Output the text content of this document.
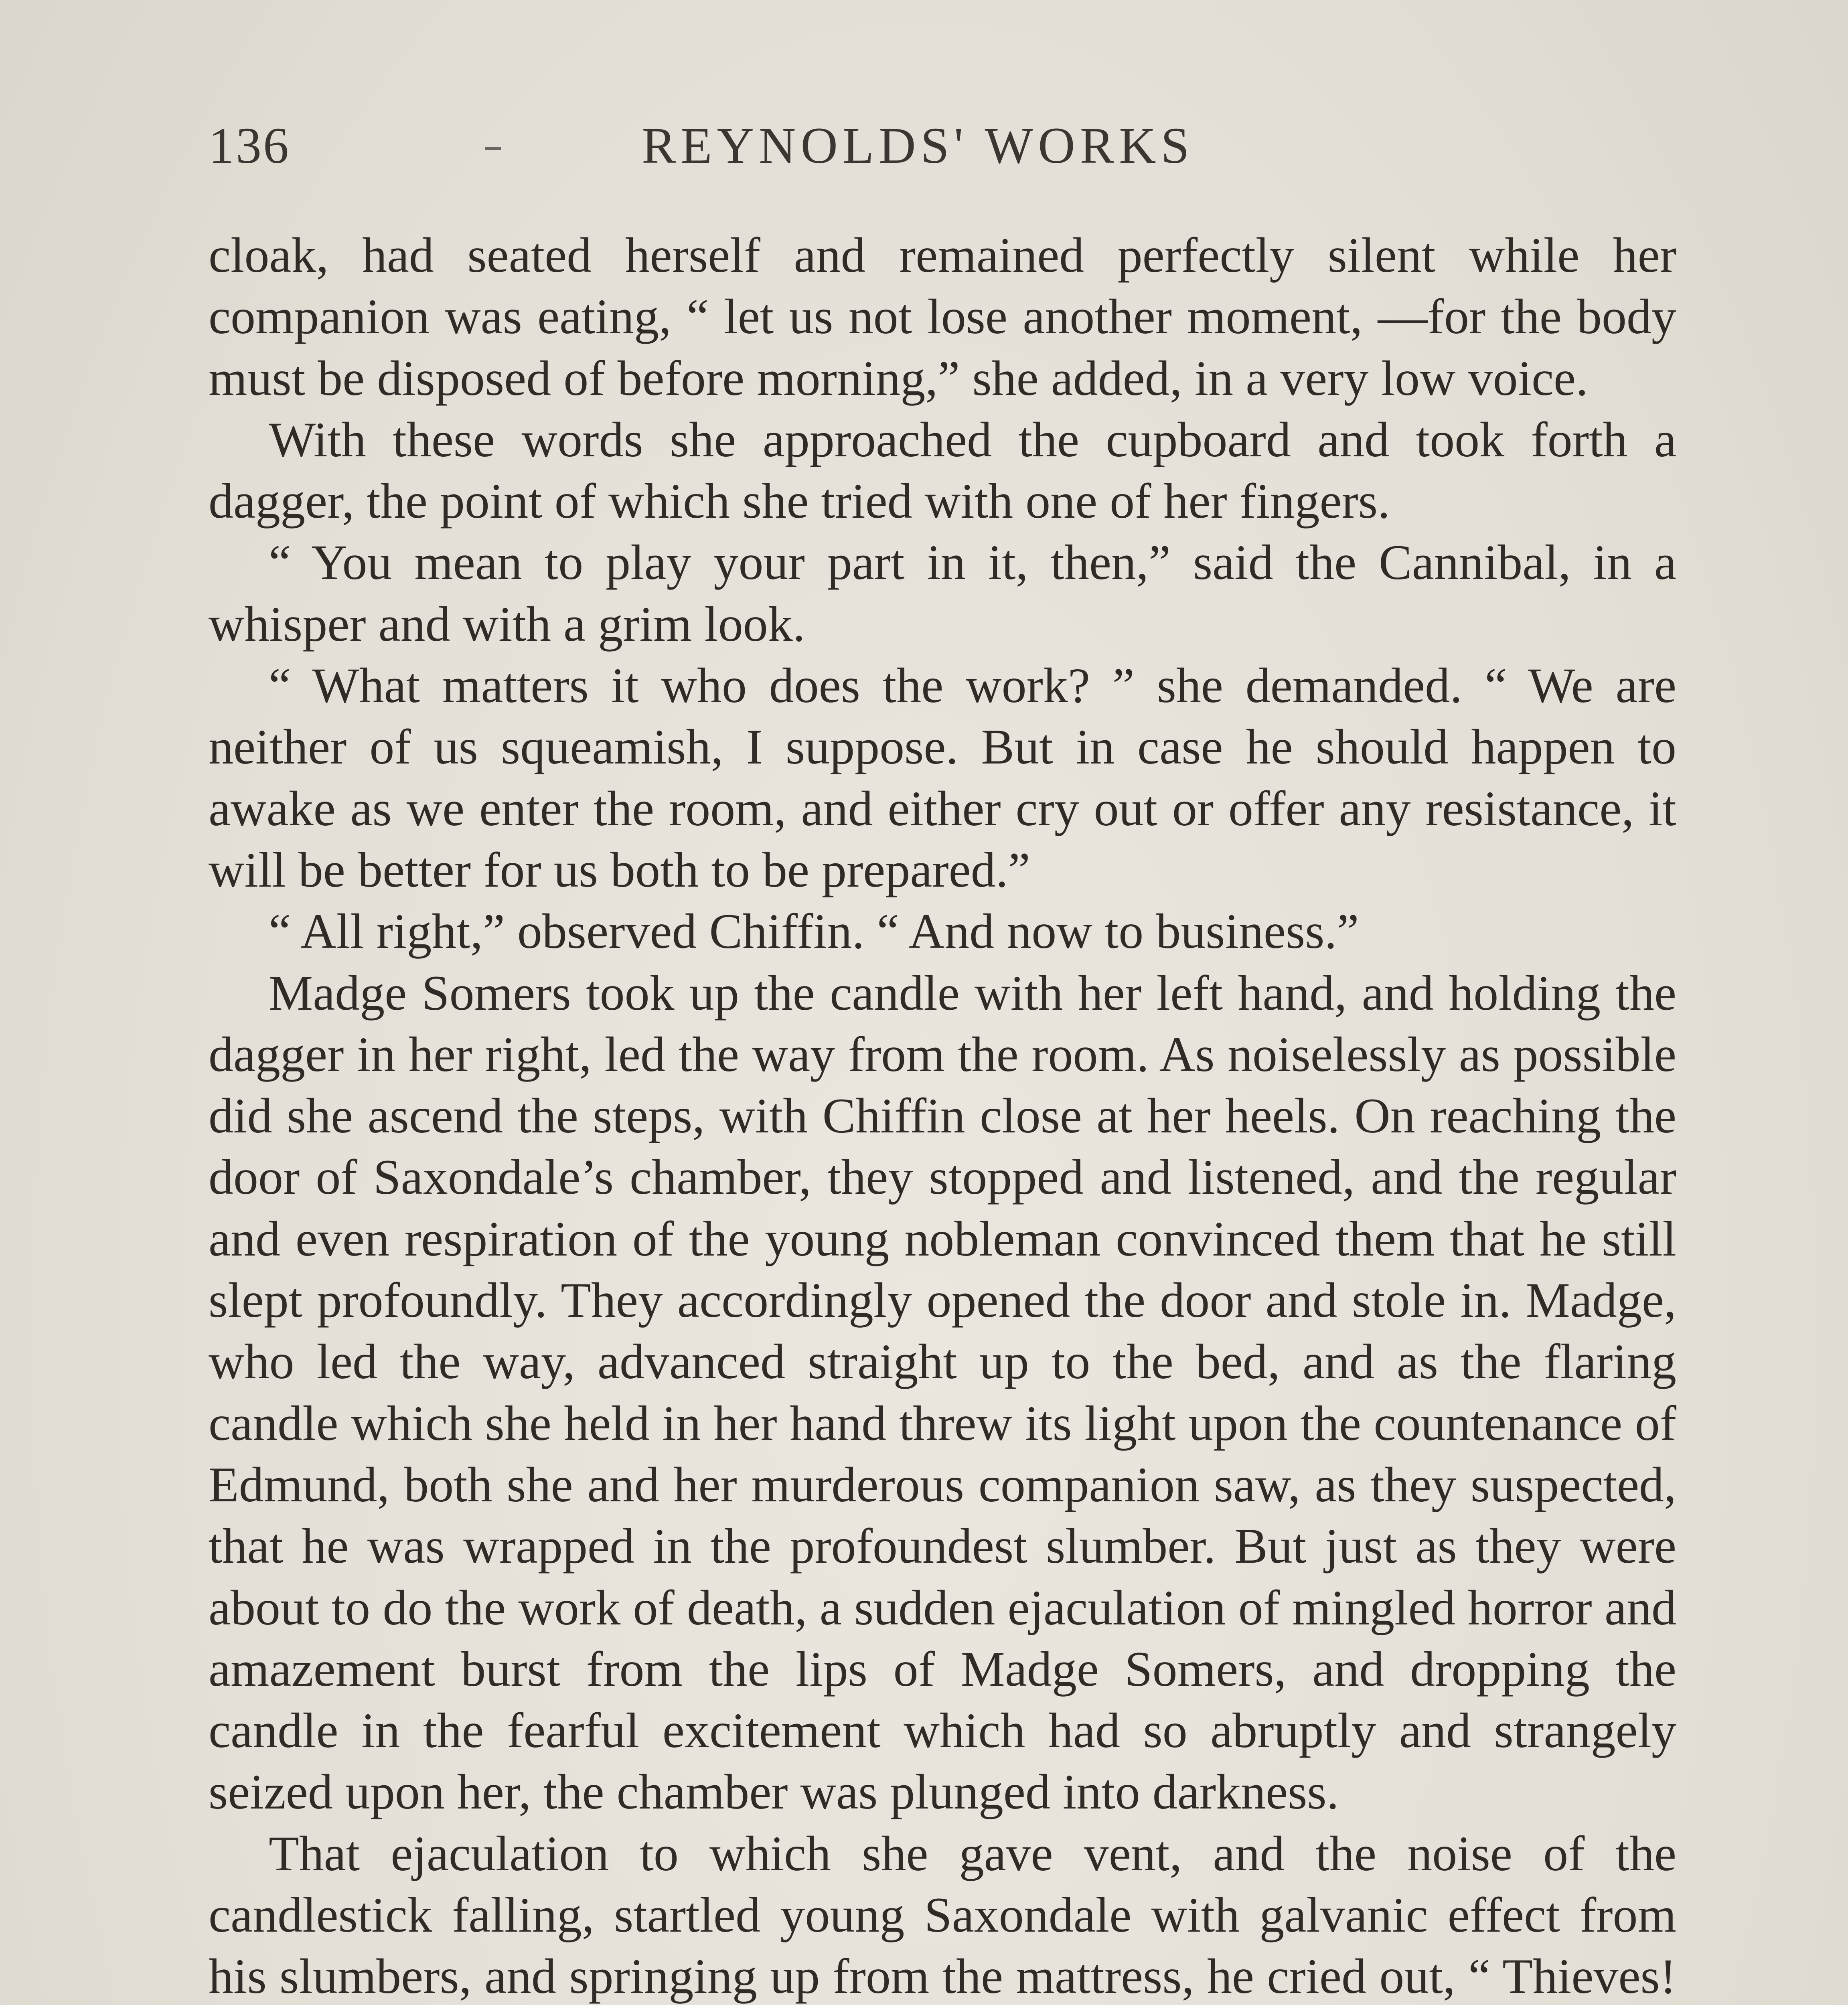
136	REYNOLDS' WORKS

cloak, had seated herself and remained perfectly silent while her companion was eating, “ let us not lose another moment, —for the body must be disposed of before morning,” she added, in a very low voice.

With these words she approached the cupboard and took forth a dagger, the point of which she tried with one of her fingers.

“ You mean to play your part in it, then,” said the Cannibal, in a whisper and with a grim look.

“ What matters it who does the work? ” she demanded. “ We are neither of us squeamish, I suppose. But in case he should happen to awake as we enter the room, and either cry out or offer any resistance, it will be better for us both to be prepared.”

“ All right,” observed Chiffin. “ And now to business.”

Madge Somers took up the candle with her left hand, and holding the dagger in her right, led the way from the room. As noiselessly as possible did she ascend the steps, with Chiffin close at her heels. On reaching the door of Saxondale’s chamber, they stopped and listened, and the regular and even respiration of the young nobleman convinced them that he still slept profoundly. They accordingly opened the door and stole in. Madge, who led the way, advanced straight up to the bed, and as the flaring candle which she held in her hand threw its light upon the countenance of Edmund, both she and her murderous companion saw, as they suspected, that he was wrapped in the profoundest slumber. But just as they were about to do the work of death, a sudden ejaculation of mingled horror and amazement burst from the lips of Madge Somers, and dropping the candle in the fearful excitement which had so abruptly and strangely seized upon her, the chamber was plunged into darkness.

That ejaculation to which she gave vent, and the noise of the candlestick falling, startled young Saxondale with galvanic effect from his slumbers, and springing up from the mattress, he cried out, “ Thieves!
